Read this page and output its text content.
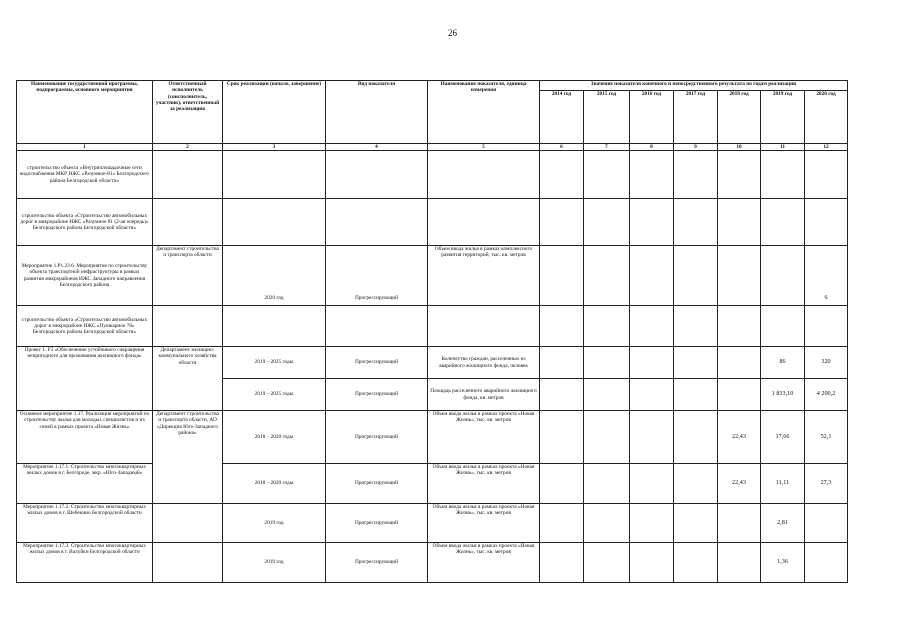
26
Наименование государственной программы, подпрограммы, основного мероприятия	Ответственный исполнитель (соисполнитель, участник), ответственный за реализацию	Срок реализации (начало, завершение)	Вид показателя	Наименование показателя, единица измерения	Значение показателя конечного и непосредственного результата по годам реализации						
					2014 год	2015 год	2016 год	2017 год	2018 год	2019 год	2020 год
1	2	3	4	5	6	7	8	9	10	11	12
строительство объекта «Внутриплощадочные сети водоснабжения МКР ИЖС «Разумное-81» Белгородского района Белгородской области»											
строительство объекта «Строительство автомобильных дорог в микрорайоне ИЖС «Разумное 81 (2-ая очередь)» Белгородского района Белгородской области»											
Мероприятие 1.Р1.23.6. Мероприятие по строительству объекта транспортной инфраструктуры в рамках развития микрорайонов ИЖС Западного направления Белгородского района	Департамент строительства и транспорта области	2020 год	Прогрессирующий	Объем ввода жилья в рамках комплексного развития территорий, тыс. кв. метров							6
строительство объекта «Строительство автомобильных дорог в микрорайоне ИЖС «Пушкарное 78» Белгородского района Белгородской области»											
Проект 1. F3 «Обеспечение устойчивого сокращения непригодного для проживания жилищного фонда»	Департамент жилищно-коммунального хозяйства области	2019 – 2025 годы	Прогрессирующий	Количество граждан, расселенных из аварийного жилищного фонда, человек						86	320
		2019 – 2025 годы	Прогрессирующий	Площадь расселенного аварийного жилищного фонда, кв. метров						1 833,10	4 200,2
Основное мероприятие 1.17. Реализация мероприятий по строительству жилья для молодых специалистов и их семей в рамках проекта «Новая Жизнь»	Департамент строительства и транспорта области, АО «Дирекция Юго-Западного района»	2018 – 2020 годы	Прогрессирующий	Объем ввода жилья в рамках проекта «Новая Жизнь», тыс. кв. метров					22,43	17,66	52,1
Мероприятие 1.17.1. Строительство многоквартирных жилых домов в г. Белгороде, мкр. «Юго-Западный»		2018 – 2020 годы	Прогрессирующий	Объем ввода жилья в рамках проекта «Новая Жизнь», тыс. кв. метров					22,43	11,11	27,3
Мероприятие 1.17.2. Строительство многоквартирных жилых домов в г. Шебекино Белгородской области		2019 год	Прогрессирующий	Объем ввода жилья в рамках проекта «Новая Жизнь», тыс. кв. метров						2,81	
Мероприятие 1.17.3. Строительство многоквартирных жилых домов в г. Валуйки Белгородской области		2019 год	Прогрессирующий	Объем ввода жилья в рамках проекта «Новая Жизнь», тыс. кв. метров						1,36	
